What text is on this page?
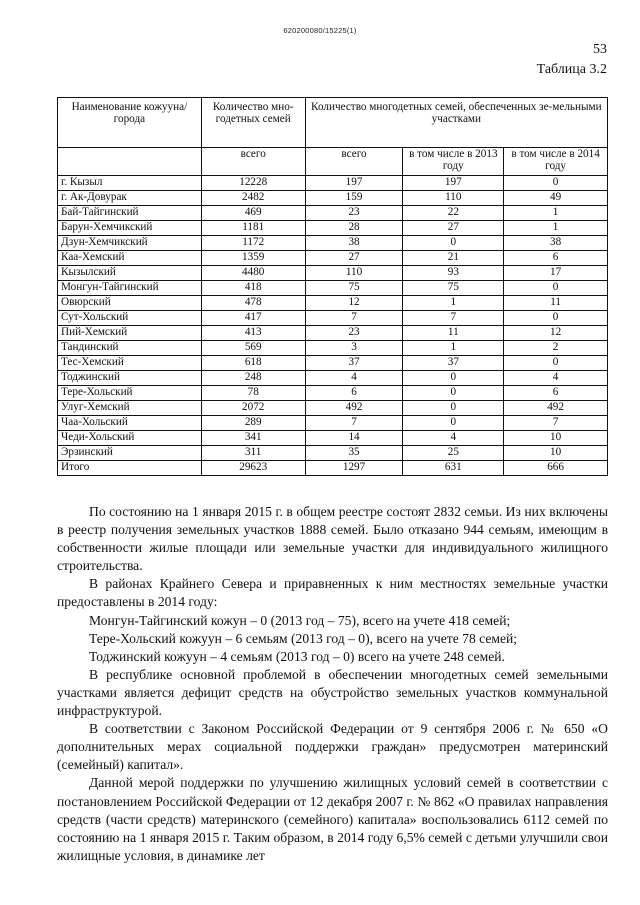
620200080/15225(1)
53
Таблица 3.2
Наименование кожууна/города	Количество мно-годетных семей	Количество многодетных семей, обеспеченных зе-мельными участками		
	всего	всего	в том числе в 2013 году	в том числе в 2014 году
г. Кызыл	12228	197	197	0
г. Ак-Довурак	2482	159	110	49
Бай-Тайгинский	469	23	22	1
Барун-Хемчикский	1181	28	27	1
Дзун-Хемчикский	1172	38	0	38
Каа-Хемский	1359	27	21	6
Кызылский	4480	110	93	17
Монгун-Тайгинский	418	75	75	0
Овюрский	478	12	1	11
Сут-Хольский	417	7	7	0
Пий-Хемский	413	23	11	12
Тандинский	569	3	1	2
Тес-Хемский	618	37	37	0
Тоджинский	248	4	0	4
Тере-Хольский	78	6	0	6
Улуг-Хемский	2072	492	0	492
Чаа-Хольский	289	7	0	7
Чеди-Хольский	341	14	4	10
Эрзинский	311	35	25	10
Итого	29623	1297	631	666

По состоянию на 1 января 2015 г. в общем реестре состоят 2832 семьи. Из них включены в реестр получения земельных участков 1888 семей. Было отказано 944 семьям, имеющим в собственности жилые площади или земельные участки для индивидуального жилищного строительства.

В районах Крайнего Севера и приравненных к ним местностях земельные участки предоставлены в 2014 году:

Монгун-Тайгинский кожун – 0 (2013 год – 75), всего на учете 418 семей;

Тере-Хольский кожуун – 6 семьям (2013 год – 0), всего на учете 78 семей;

Тоджинский кожуун – 4 семьям (2013 год – 0) всего на учете 248 семей.

В республике основной проблемой в обеспечении многодетных семей земельными участками является дефицит средств на обустройство земельных участков коммунальной инфраструктурой.

В соответствии с Законом Российской Федерации от 9 сентября 2006 г. № 650 «О дополнительных мерах социальной поддержки граждан» предусмотрен материнский (семейный) капитал».

Данной мерой поддержки по улучшению жилищных условий семей в соответствии с постановлением Российской Федерации от 12 декабря 2007 г. № 862 «О правилах направления средств (части средств) материнского (семейного) капитала» воспользовались 6112 семей по состоянию на 1 января 2015 г. Таким образом, в 2014 году 6,5% семей с детьми улучшили свои жилищные условия, в динамике лет
